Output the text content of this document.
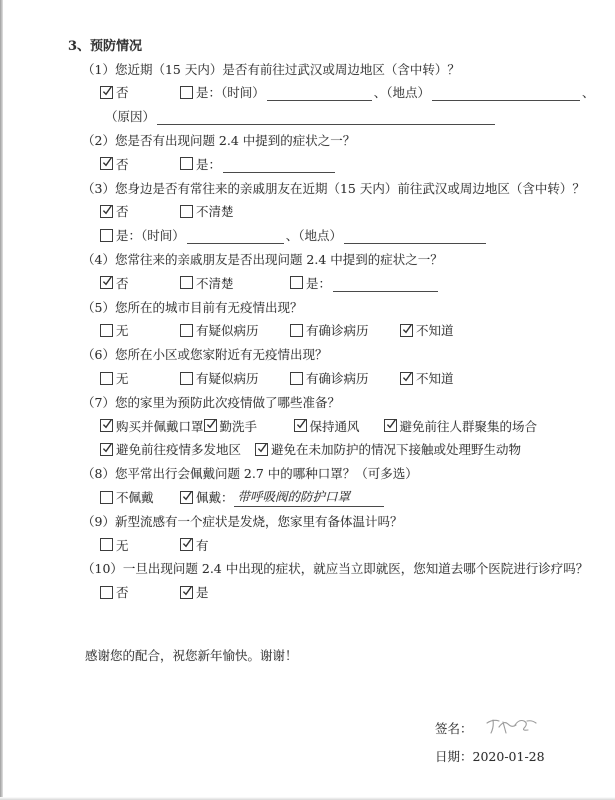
3、预防情况
（1）您近期（15 天内）是否有前往过武汉或周边地区（含中转）？
否	是：（时间）	、（地点）	、
（原因）
（2）您是否有出现问题 2.4 中提到的症状之一？
否	是：
（3）您身边是否有常往来的亲戚朋友在近期（15 天内）前往武汉或周边地区（含中转）？
否	不清楚
是：（时间）	、（地点）
（4）您常往来的亲戚朋友是否出现问题 2.4 中提到的症状之一？
否	不清楚	是：
（5）您所在的城市目前有无疫情出现？
无	有疑似病历	有确诊病历	不知道
（6）您所在小区或您家附近有无疫情出现？
无	有疑似病历	有确诊病历	不知道
（7）您的家里为预防此次疫情做了哪些准备？
购买并佩戴口罩 勤洗手	保持通风	避免前往人群聚集的场合
避免前往疫情多发地区 避免在未加防护的情况下接触或处理野生动物
（8）您平常出行会佩戴问题 2.7 中的哪种口罩？（可多选）
不佩戴	佩戴： 带呼吸阀的防护口罩
（9）新型流感有一个症状是发烧，您家里有备体温计吗？
无	有
（10）一旦出现问题 2.4 中出现的症状，就应当立即就医，您知道去哪个医院进行诊疗吗？
否	是

感谢您的配合，祝您新年愉快。谢谢！

签名：
日期： 2020-01-28
